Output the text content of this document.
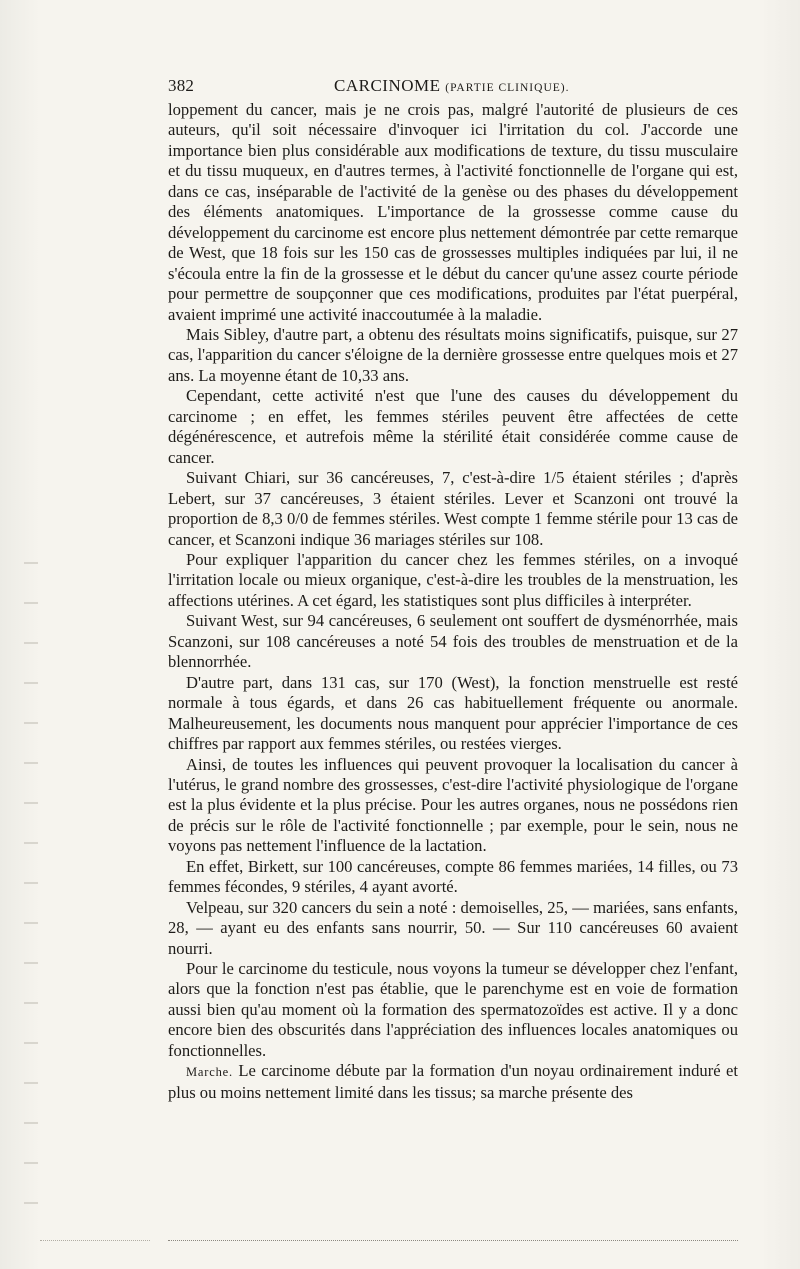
382	CARCINOME (PARTIE CLINIQUE).

loppement du cancer, mais je ne crois pas, malgré l'autorité de plusieurs de ces auteurs, qu'il soit nécessaire d'invoquer ici l'irritation du col. J'accorde une importance bien plus considérable aux modifications de texture, du tissu musculaire et du tissu muqueux, en d'autres termes, à l'activité fonctionnelle de l'organe qui est, dans ce cas, inséparable de l'activité de la genèse ou des phases du développement des éléments anatomiques. L'importance de la grossesse comme cause du développement du carcinome est encore plus nettement démontrée par cette remarque de West, que 18 fois sur les 150 cas de grossesses multiples indiquées par lui, il ne s'écoula entre la fin de la grossesse et le début du cancer qu'une assez courte période pour permettre de soupçonner que ces modifications, produites par l'état puerpéral, avaient imprimé une activité inaccoutumée à la maladie.

Mais Sibley, d'autre part, a obtenu des résultats moins significatifs, puisque, sur 27 cas, l'apparition du cancer s'éloigne de la dernière grossesse entre quelques mois et 27 ans. La moyenne étant de 10,33 ans.

Cependant, cette activité n'est que l'une des causes du développement du carcinome ; en effet, les femmes stériles peuvent être affectées de cette dégénérescence, et autrefois même la stérilité était considérée comme cause de cancer.

Suivant Chiari, sur 36 cancéreuses, 7, c'est-à-dire 1/5 étaient stériles ; d'après Lebert, sur 37 cancéreuses, 3 étaient stériles. Lever et Scanzoni ont trouvé la proportion de 8,3 0/0 de femmes stériles. West compte 1 femme stérile pour 13 cas de cancer, et Scanzoni indique 36 mariages stériles sur 108.

Pour expliquer l'apparition du cancer chez les femmes stériles, on a invoqué l'irritation locale ou mieux organique, c'est-à-dire les troubles de la menstruation, les affections utérines. A cet égard, les statistiques sont plus difficiles à interpréter.

Suivant West, sur 94 cancéreuses, 6 seulement ont souffert de dysménorrhée, mais Scanzoni, sur 108 cancéreuses a noté 54 fois des troubles de menstruation et de la blennorrhée.

D'autre part, dans 131 cas, sur 170 (West), la fonction menstruelle est resté normale à tous égards, et dans 26 cas habituellement fréquente ou anormale. Malheureusement, les documents nous manquent pour apprécier l'importance de ces chiffres par rapport aux femmes stériles, ou restées vierges.

Ainsi, de toutes les influences qui peuvent provoquer la localisation du cancer à l'utérus, le grand nombre des grossesses, c'est-dire l'activité physiologique de l'organe est la plus évidente et la plus précise. Pour les autres organes, nous ne possédons rien de précis sur le rôle de l'activité fonctionnelle ; par exemple, pour le sein, nous ne voyons pas nettement l'influence de la lactation.

En effet, Birkett, sur 100 cancéreuses, compte 86 femmes mariées, 14 filles, ou 73 femmes fécondes, 9 stériles, 4 ayant avorté.

Velpeau, sur 320 cancers du sein a noté : demoiselles, 25, — mariées, sans enfants, 28, — ayant eu des enfants sans nourrir, 50. — Sur 110 cancéreuses 60 avaient nourri.

Pour le carcinome du testicule, nous voyons la tumeur se développer chez l'enfant, alors que la fonction n'est pas établie, que le parenchyme est en voie de formation aussi bien qu'au moment où la formation des spermatozoïdes est active. Il y a donc encore bien des obscurités dans l'appréciation des influences locales anatomiques ou fonctionnelles.

Marche. Le carcinome débute par la formation d'un noyau ordinairement induré et plus ou moins nettement limité dans les tissus; sa marche présente des
